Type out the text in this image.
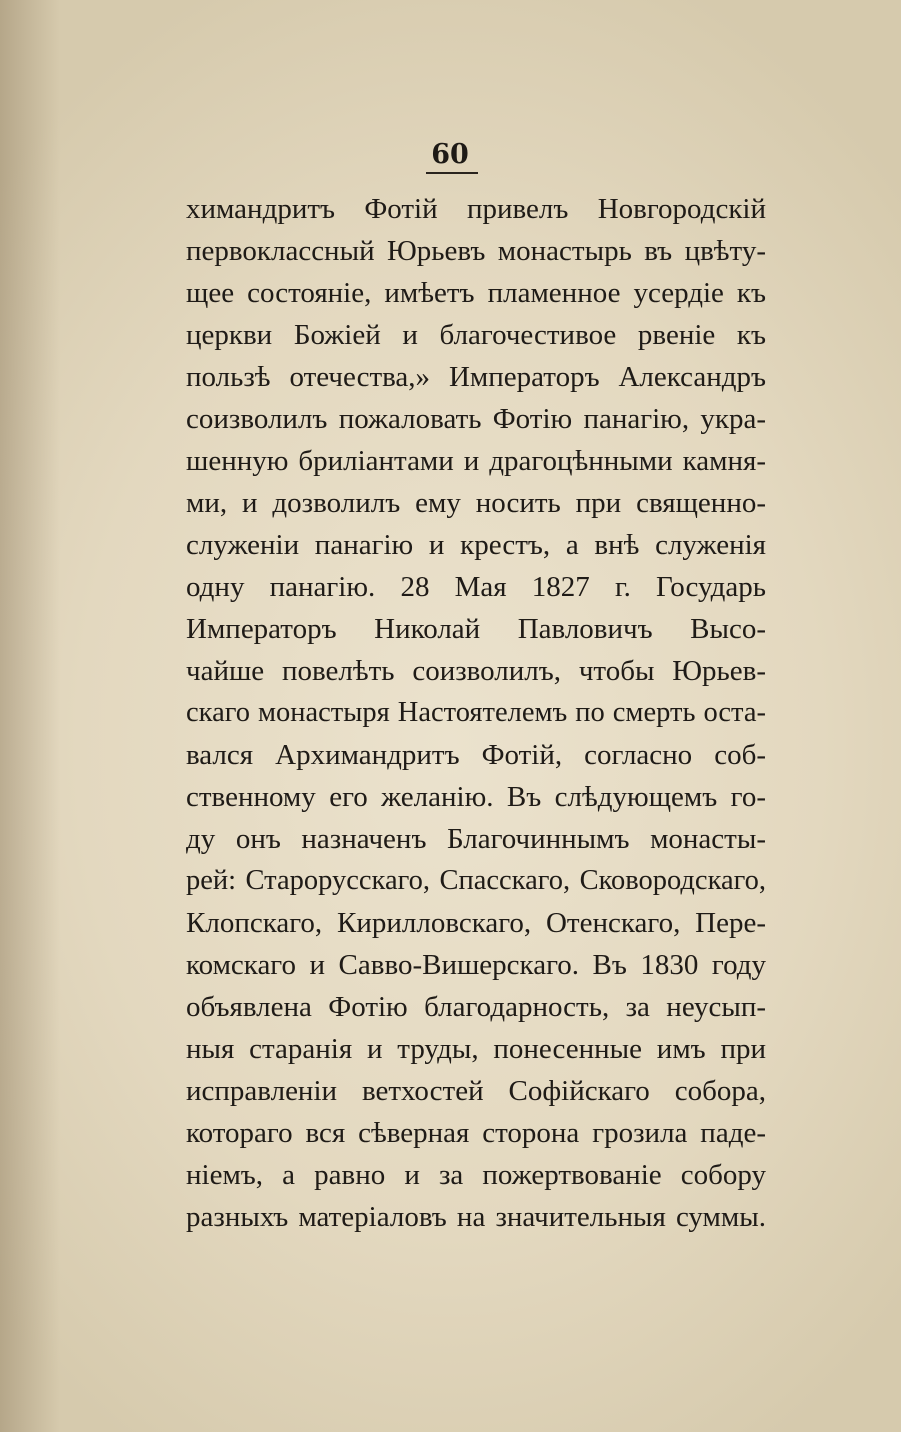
60
химандритъ Фотій привелъ Новгородскій
первоклассный Юрьевъ монастырь въ цвѣту-
щее состояніе, имѣетъ пламенное усердіе къ
церкви Божіей и благочестивое рвеніе къ
пользѣ отечества,» Императоръ Александръ
соизволилъ пожаловать Фотію панагію, укра-
шенную бриліантами и драгоцѣнными камня-
ми, и дозволилъ ему носить при священно-
служеніи панагію и крестъ, а внѣ служенія
одну панагію. 28 Мая 1827 г. Государь
Императоръ Николай Павловичъ Высо-
чайше повелѣть соизволилъ, чтобы Юрьев-
скаго монастыря Настоятелемъ по смерть оста-
вался Архимандритъ Фотій, согласно соб-
ственному его желанію. Въ слѣдующемъ го-
ду онъ назначенъ Благочиннымъ монасты-
рей: Старорусскаго, Спасскаго, Сковородскаго,
Клопскаго, Кирилловскаго, Отенскаго, Пере-
комскаго и Савво-Вишерскаго. Въ 1830 году
объявлена Фотію благодарность, за неусып-
ныя старанія и труды, понесенные имъ при
исправленіи ветхостей Софійскаго собора,
котораго вся сѣверная сторона грозила паде-
ніемъ, а равно и за пожертвованіе собору
разныхъ матеріаловъ на значительныя суммы.
